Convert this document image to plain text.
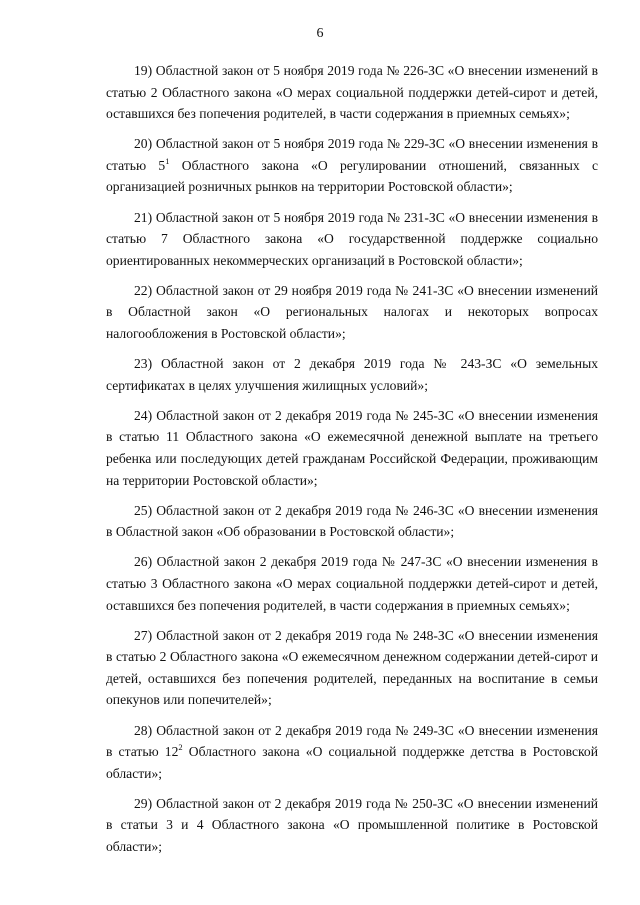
6

19) Областной закон от 5 ноября 2019 года № 226-ЗС «О внесении изменений в статью 2 Областного закона «О мерах социальной поддержки детей-сирот и детей, оставшихся без попечения родителей, в части содержания в приемных семьях»;

20) Областной закон от 5 ноября 2019 года № 229-ЗС «О внесении изменения в статью $5^1$ Областного закона «О регулировании отношений, связанных с организацией розничных рынков на территории Ростовской области»;

21) Областной закон от 5 ноября 2019 года № 231-ЗС «О внесении изменения в статью 7 Областного закона «О государственной поддержке социально ориентированных некоммерческих организаций в Ростовской области»;

22) Областной закон от 29 ноября 2019 года № 241-ЗС «О внесении изменений в Областной закон «О региональных налогах и некоторых вопросах налогообложения в Ростовской области»;

23) Областной закон от 2 декабря 2019 года № 243-ЗС «О земельных сертификатах в целях улучшения жилищных условий»;

24) Областной закон от 2 декабря 2019 года № 245-ЗС «О внесении изменения в статью 11 Областного закона «О ежемесячной денежной выплате на третьего ребенка или последующих детей гражданам Российской Федерации, проживающим на территории Ростовской области»;

25) Областной закон от 2 декабря 2019 года № 246-ЗС «О внесении изменения в Областной закон «Об образовании в Ростовской области»;

26) Областной закон 2 декабря 2019 года № 247-ЗС «О внесении изменения в статью 3 Областного закона «О мерах социальной поддержки детей-сирот и детей, оставшихся без попечения родителей, в части содержания в приемных семьях»;

27) Областной закон от 2 декабря 2019 года № 248-ЗС «О внесении изменения в статью 2 Областного закона «О ежемесячном денежном содержании детей-сирот и детей, оставшихся без попечения родителей, переданных на воспитание в семьи опекунов или попечителей»;

28) Областной закон от 2 декабря 2019 года № 249-ЗС «О внесении изменения в статью $12^2$ Областного закона «О социальной поддержке детства в Ростовской области»;

29) Областной закон от 2 декабря 2019 года № 250-ЗС «О внесении изменений в статьи 3 и 4 Областного закона «О промышленной политике в Ростовской области»;
